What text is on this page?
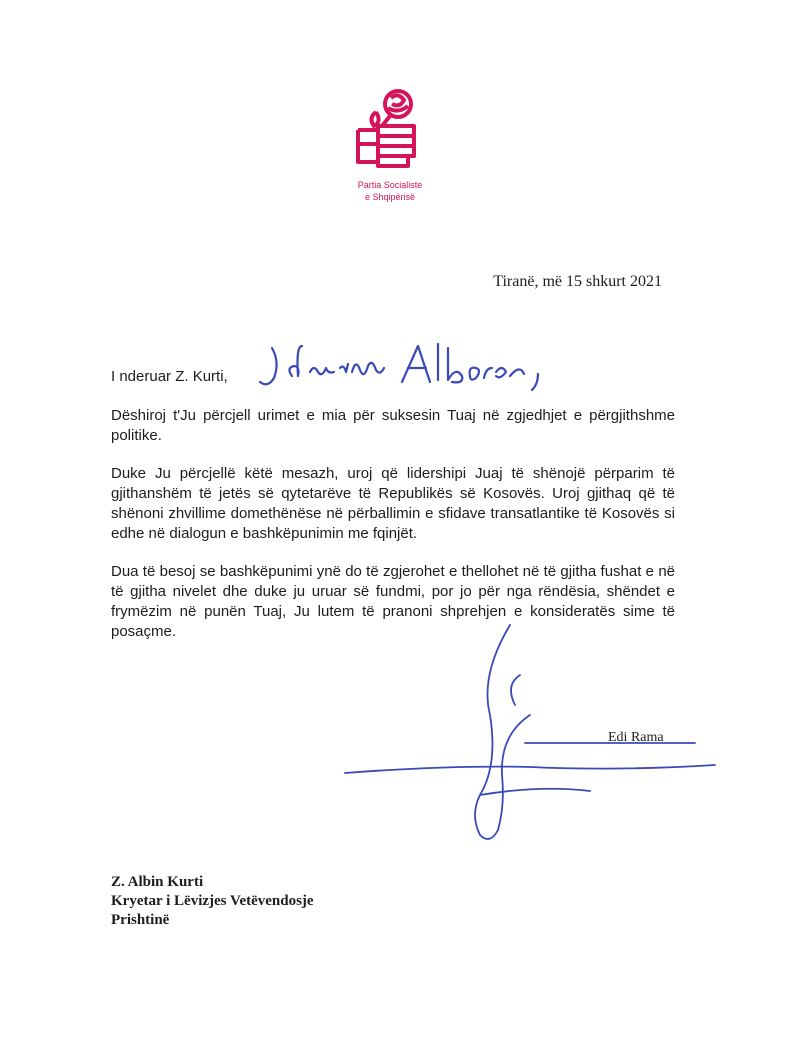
Partia Socialiste
e Shqipërisë
Tiranë, më 15 shkurt 2021
I nderuar Z. Kurti,

Dëshiroj t'Ju përcjell urimet e mia për suksesin Tuaj në zgjedhjet e përgjithshme politike.

Duke Ju përcjellë këtë mesazh, uroj që lidershipi Juaj të shënojë përparim të gjithanshëm të jetës së qytetarëve të Republikës së Kosovës. Uroj gjithaq që të shënoni zhvillime domethënëse në përballimin e sfidave transatlantike të Kosovës si edhe në dialogun e bashkëpunimin me fqinjët.

Dua të besoj se bashkëpunimi ynë do të zgjerohet e thellohet në të gjitha fushat e në të gjitha nivelet dhe duke ju uruar së fundmi, por jo për nga rëndësia, shëndet e frymëzim në punën Tuaj, Ju lutem të pranoni shprehjen e konsideratës sime të posaçme.

Edi Rama
Z. Albin Kurti
Kryetar i Lëvizjes Vetëvendosje
Prishtinë
